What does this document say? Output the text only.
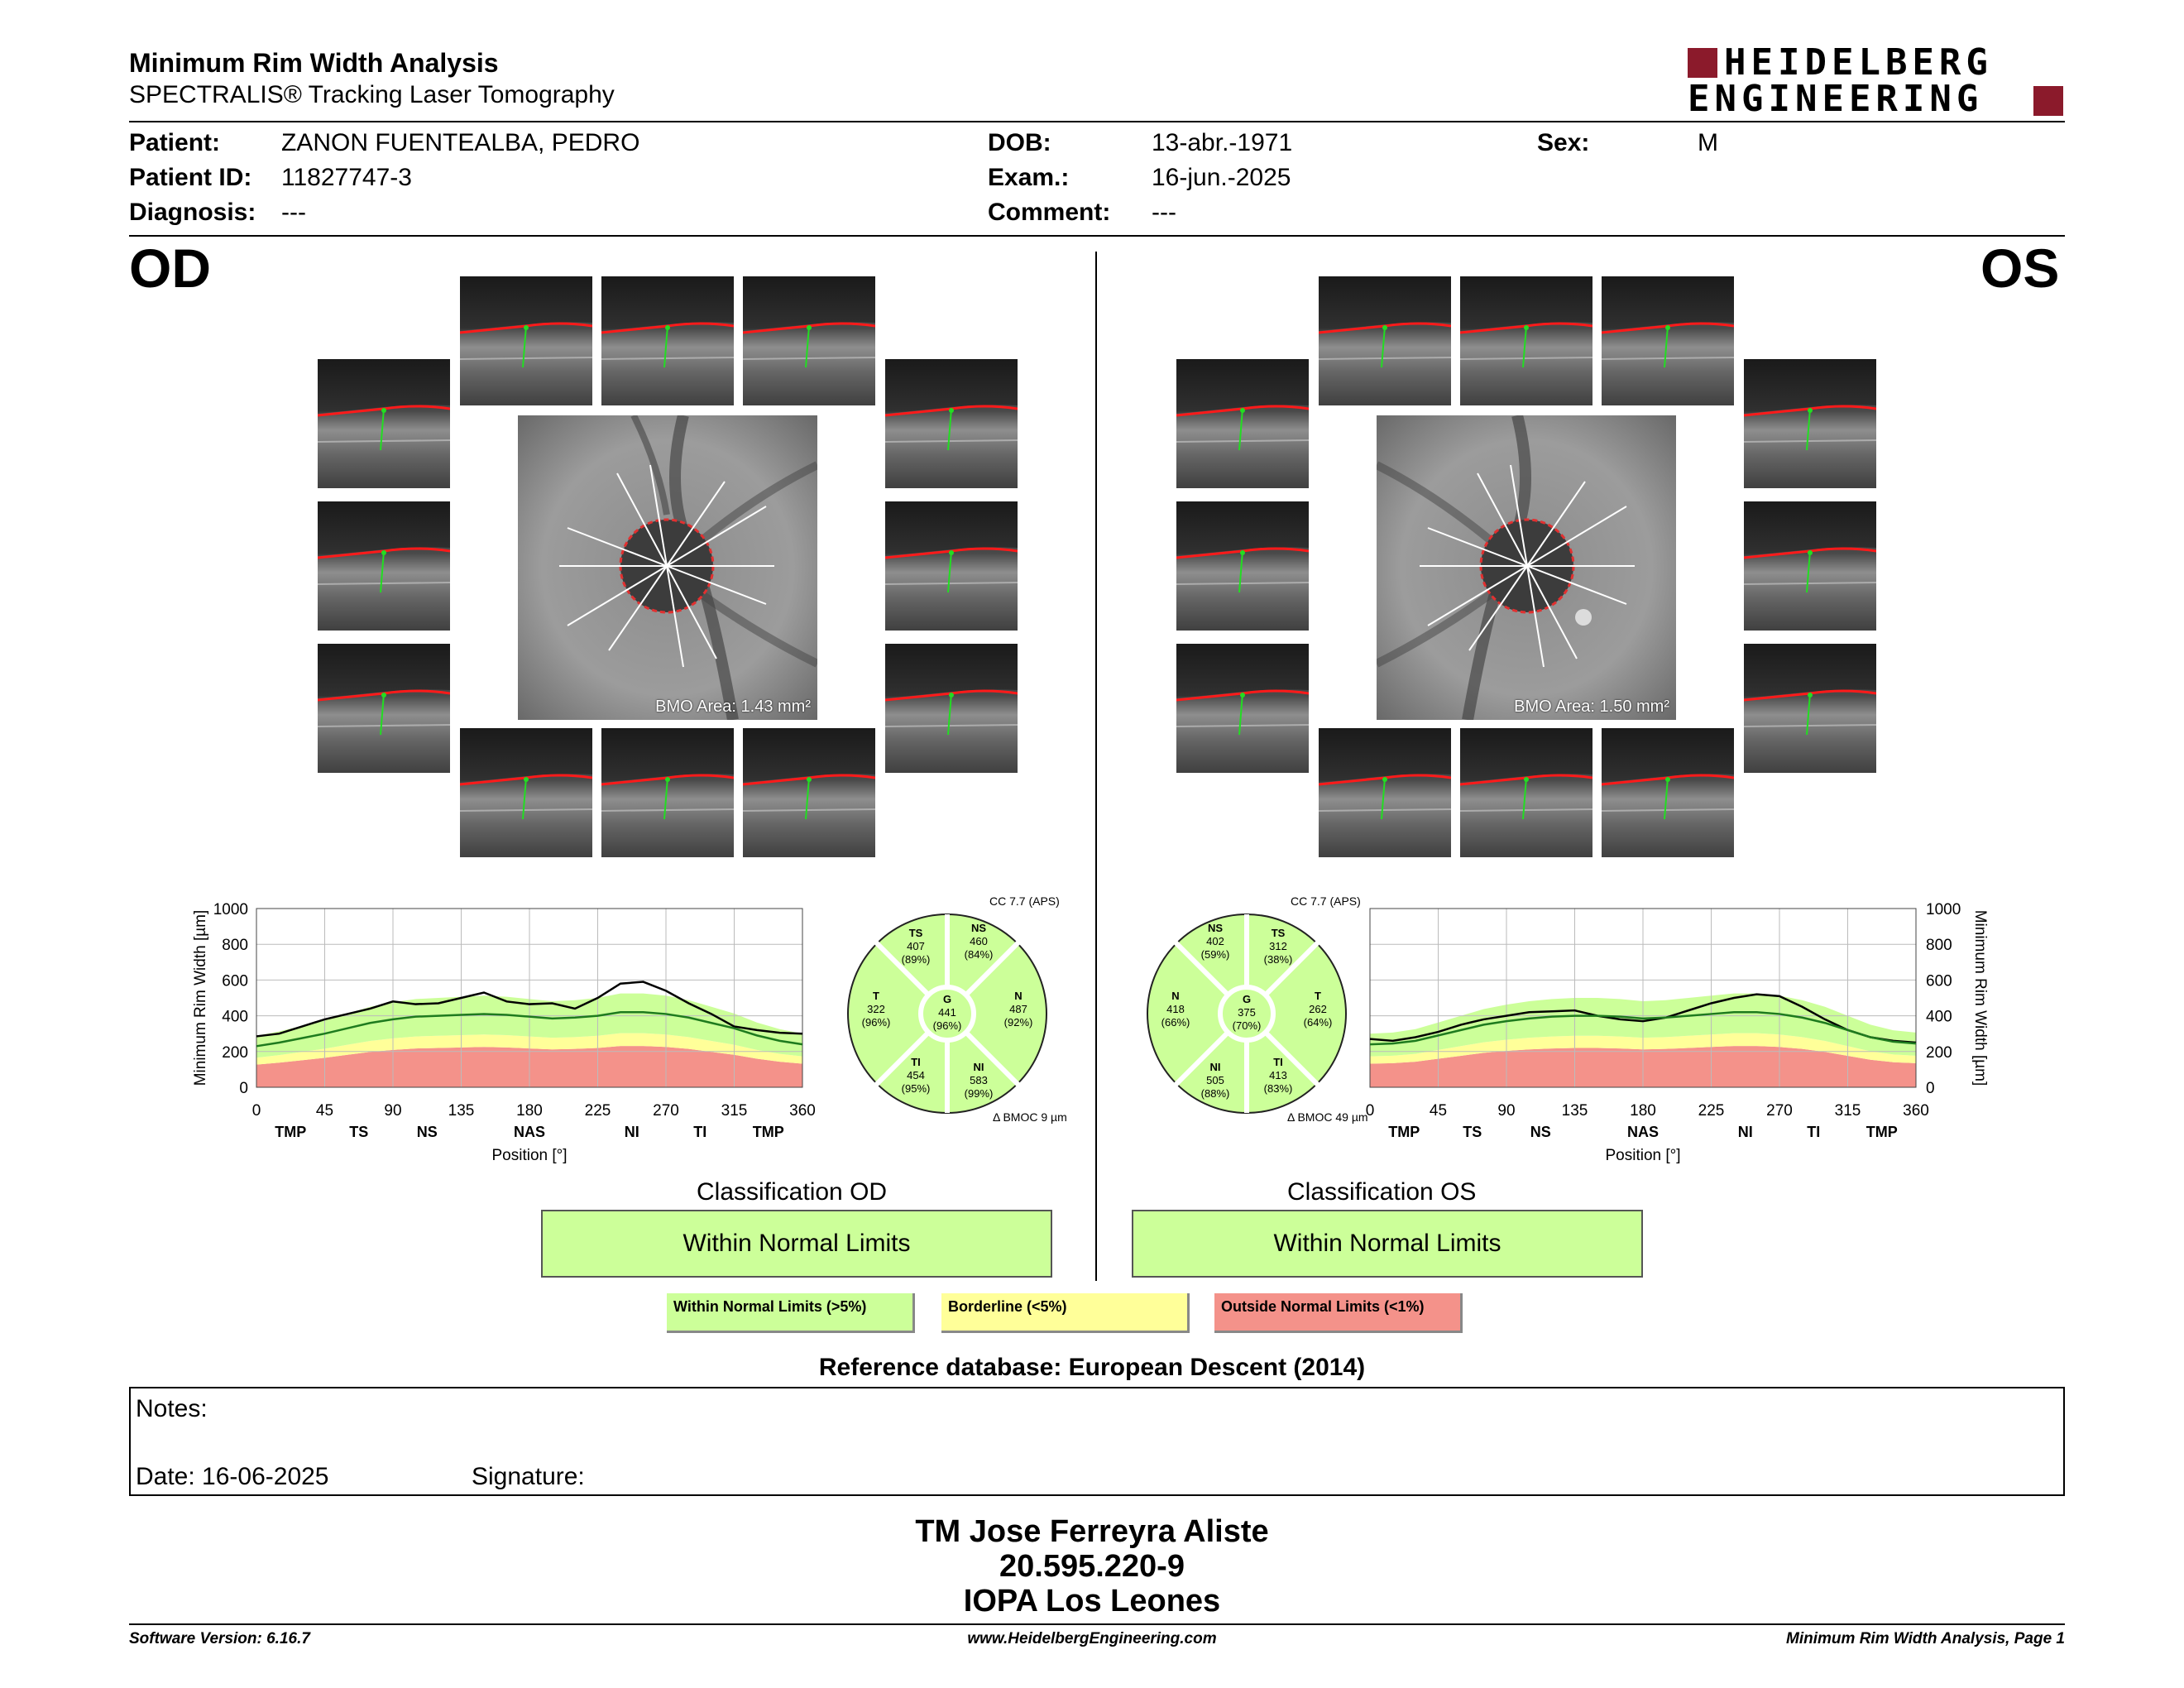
Minimum Rim Width Analysis
SPECTRALIS® Tracking Laser Tomography
HEIDELBERG
ENGINEERING
Patient: ZANON FUENTEALBA, PEDRO
Patient ID: 11827747-3
Diagnosis: ---
DOB:	13-abr.-1971
Exam.:	16-jun.-2025
Comment: ---
Sex:	M
OD	OS
BMO Area: 1.43 mm²	BMO Area: 1.50 mm²
0	45	90	135	180	225	270	315	360
0
200
400
600
800
1000
TMP	TS	NS	NAS	NI	TI	TMP
Position [°]
Minimum Rim Width [µm]
0	45	90	135	180	225	270	315	360
0
200
400
600
800
1000
TMP	TS	NS	NAS	NI	TI	TMP
Position [°]
Minimum Rim Width [µm]
CC 7.7 (APS)
TS
407
(89%)
NS
460
(84%)
T
322
(96%)
G
441
(96%)
N
487
(92%)
TI
454
(95%)
NI
583
(99%)
Δ BMOC 9 µm
CC 7.7 (APS)
NS
402
(59%)
TS
312
(38%)
N
418
(66%)
G
375
(70%)
T
262
(64%)
NI
505
(88%)
TI
413
(83%)
Δ BMOC 49 µm
Classification OD
Within Normal Limits
Classification OS
Within Normal Limits
Within Normal Limits (>5%)	Borderline (<5%)	Outside Normal Limits (<1%)
Reference database: European Descent (2014)
Notes:
Date: 16-06-2025	Signature:
TM Jose Ferreyra Aliste
20.595.220-9
IOPA Los Leones
Software Version: 6.16.7	www.HeidelbergEngineering.com	Minimum Rim Width Analysis, Page 1
